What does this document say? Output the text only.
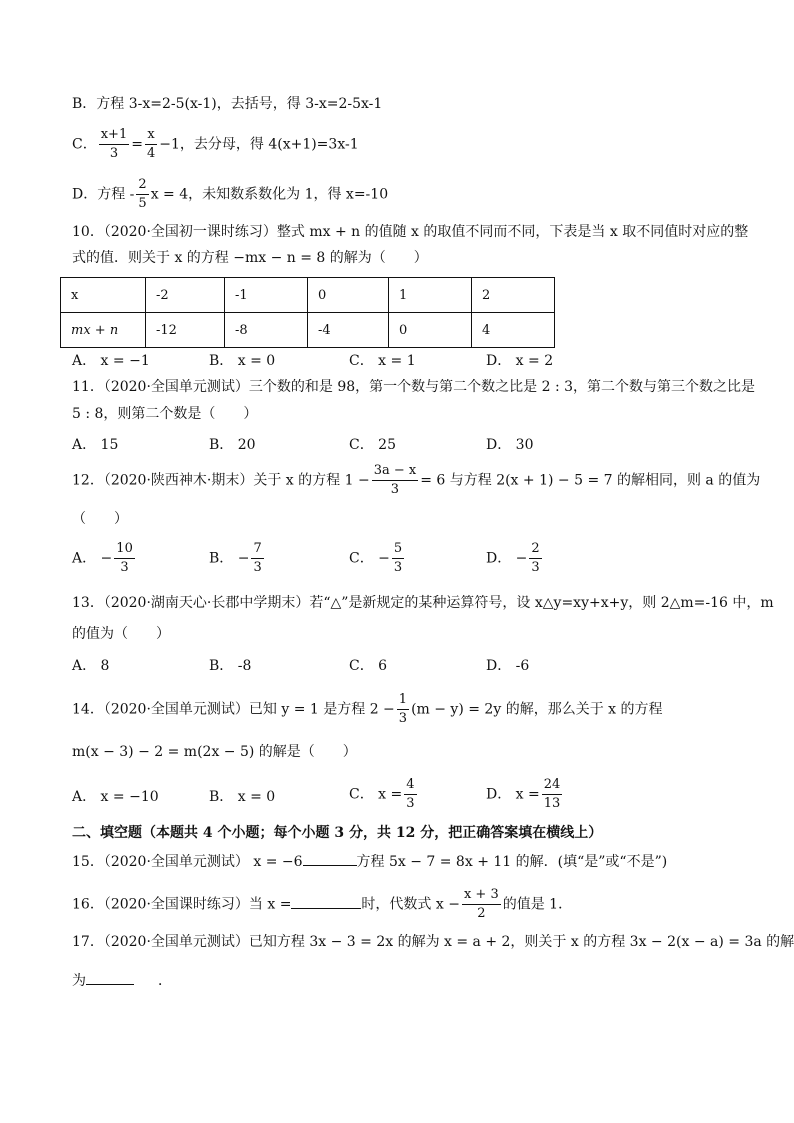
B．方程 3-x=2-5(x-1)，去括号，得 3-x=2-5x-1
C． $\frac{x+1}{3} = \frac{x}{4} -1$，去分母，得 4(x+1)=3x-1
D．方程 - $\frac{2}{5}$ x = 4，未知数系数化为 1，得 x=-10
10．（2020·全国初一课时练习）整式 mx + n 的值随 x 的取值不同而不同，下表是当 x 取不同值时对应的整
式的值．则关于 x 的方程 −mx − n = 8 的解为（　　）
x	-2	-1	0	1	2
mx + n	-12	-8	-4	0	4
A． x = −1	B． x = 0	C． x = 1	D． x = 2
11．（2020·全国单元测试）三个数的和是 98，第一个数与第二个数之比是 2 : 3，第二个数与第三个数之比是
5 : 8，则第二个数是（　　）
A． 15	B． 20	C． 25	D． 30
12．（2020·陕西神木·期末）关于 x 的方程 $1 - \frac{3a - x}{3} = 6$ 与方程 2(x + 1) − 5 = 7 的解相同，则 a 的值为
（　　）
A． − $\frac{10}{3}$	B． − $\frac{7}{3}$	C． − $\frac{5}{3}$	D． − $\frac{2}{3}$
13．（2020·湖南天心·长郡中学期末）若“△”是新规定的某种运算符号，设 x△y=xy+x+y，则 2△m=-16 中，m
的值为（　　）
A． 8	B． -8	C． 6	D． -6
14．（2020·全国单元测试）已知 y = 1 是方程 $2 - \frac{1}{3} (m - y) = 2y$ 的解，那么关于 x 的方程
m(x − 3) − 2 = m(2x − 5) 的解是（　　）
A． x = −10	B． x = 0	C． $x = \frac{4}{3}$	D． $x = \frac{24}{13}$
二、填空题（本题共 4 个小题；每个小题 3 分，共 12 分，把正确答案填在横线上）
15．（2020·全国单元测试） x = −6	方程 5x − 7 = 8x + 11 的解．(填“是”或“不是”)
16．（2020·全国课时练习）当 x =	时，代数式 $x - \frac{x + 3}{2}$ 的值是 1．
17．（2020·全国单元测试）已知方程 3x − 3 = 2x 的解为 x = a + 2，则关于 x 的方程 3x − 2(x − a) = 3a 的解
为	．
